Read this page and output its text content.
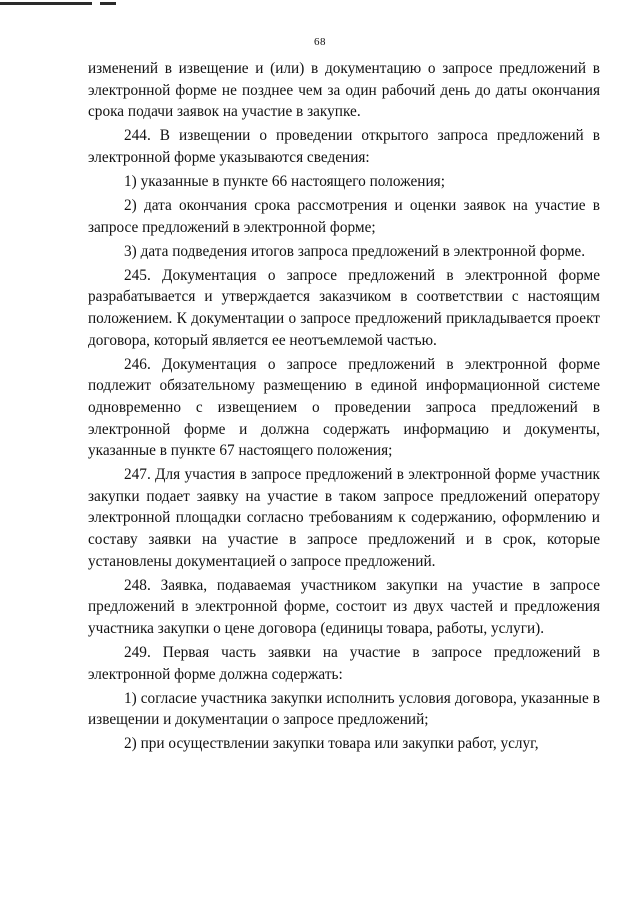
68

изменений в извещение и (или) в документацию о запросе предложений в электронной форме не позднее чем за один рабочий день до даты окончания срока подачи заявок на участие в закупке.

244. В извещении о проведении открытого запроса предложений в электронной форме указываются сведения:

1) указанные в пункте 66 настоящего положения;

2) дата окончания срока рассмотрения и оценки заявок на участие в запросе предложений в электронной форме;

3) дата подведения итогов запроса предложений в электронной форме.

245. Документация о запросе предложений в электронной форме разрабатывается и утверждается заказчиком в соответствии с настоящим положением. К документации о запросе предложений прикладывается проект договора, который является ее неотъемлемой частью.

246. Документация о запросе предложений в электронной форме подлежит обязательному размещению в единой информационной системе одновременно с извещением о проведении запроса предложений в электронной форме и должна содержать информацию и документы, указанные в пункте 67 настоящего положения;

247. Для участия в запросе предложений в электронной форме участник закупки подает заявку на участие в таком запросе предложений оператору электронной площадки согласно требованиям к содержанию, оформлению и составу заявки на участие в запросе предложений и в срок, которые установлены документацией о запросе предложений.

248. Заявка, подаваемая участником закупки на участие в запросе предложений в электронной форме, состоит из двух частей и предложения участника закупки о цене договора (единицы товара, работы, услуги).

249. Первая часть заявки на участие в запросе предложений в электронной форме должна содержать:

1) согласие участника закупки исполнить условия договора, указанные в извещении и документации о запросе предложений;

2) при осуществлении закупки товара или закупки работ, услуг,
